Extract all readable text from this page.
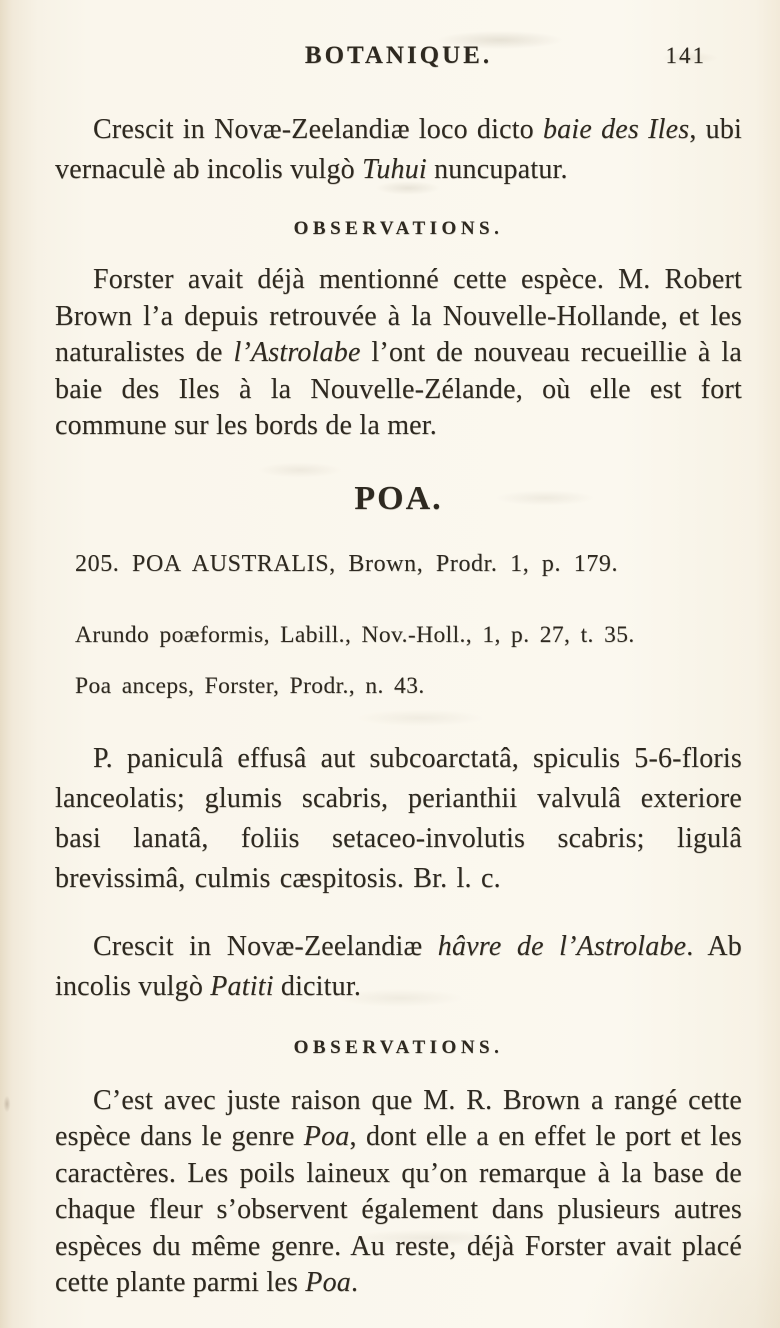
BOTANIQUE.	141

Crescit in Novæ-Zeelandiæ loco dicto baie des Iles, ubi vernaculè ab incolis vulgò Tuhui nuncupatur.

OBSERVATIONS.

Forster avait déjà mentionné cette espèce. M. Robert Brown l’a depuis retrouvée à la Nouvelle-Hollande, et les naturalistes de l’Astrolabe l’ont de nouveau recueillie à la baie des Iles à la Nouvelle-Zélande, où elle est fort commune sur les bords de la mer.

POA.
205. POA AUSTRALIS, Brown, Prodr. 1, p. 179.
Arundo poæformis, Labill., Nov.-Holl., 1, p. 27, t. 35.
Poa anceps, Forster, Prodr., n. 43.

P. paniculâ effusâ aut subcoarctatâ, spiculis 5-6-floris lanceolatis; glumis scabris, perianthii valvulâ exteriore basi lanatâ, foliis setaceo-involutis scabris; ligulâ brevissimâ, culmis cæspitosis. Br. l. c.

Crescit in Novæ-Zeelandiæ hâvre de l’Astrolabe. Ab incolis vulgò Patiti dicitur.

OBSERVATIONS.

C’est avec juste raison que M. R. Brown a rangé cette espèce dans le genre Poa, dont elle a en effet le port et les caractères. Les poils laineux qu’on remarque à la base de chaque fleur s’observent également dans plusieurs autres espèces du même genre. Au reste, déjà Forster avait placé cette plante parmi les Poa.
